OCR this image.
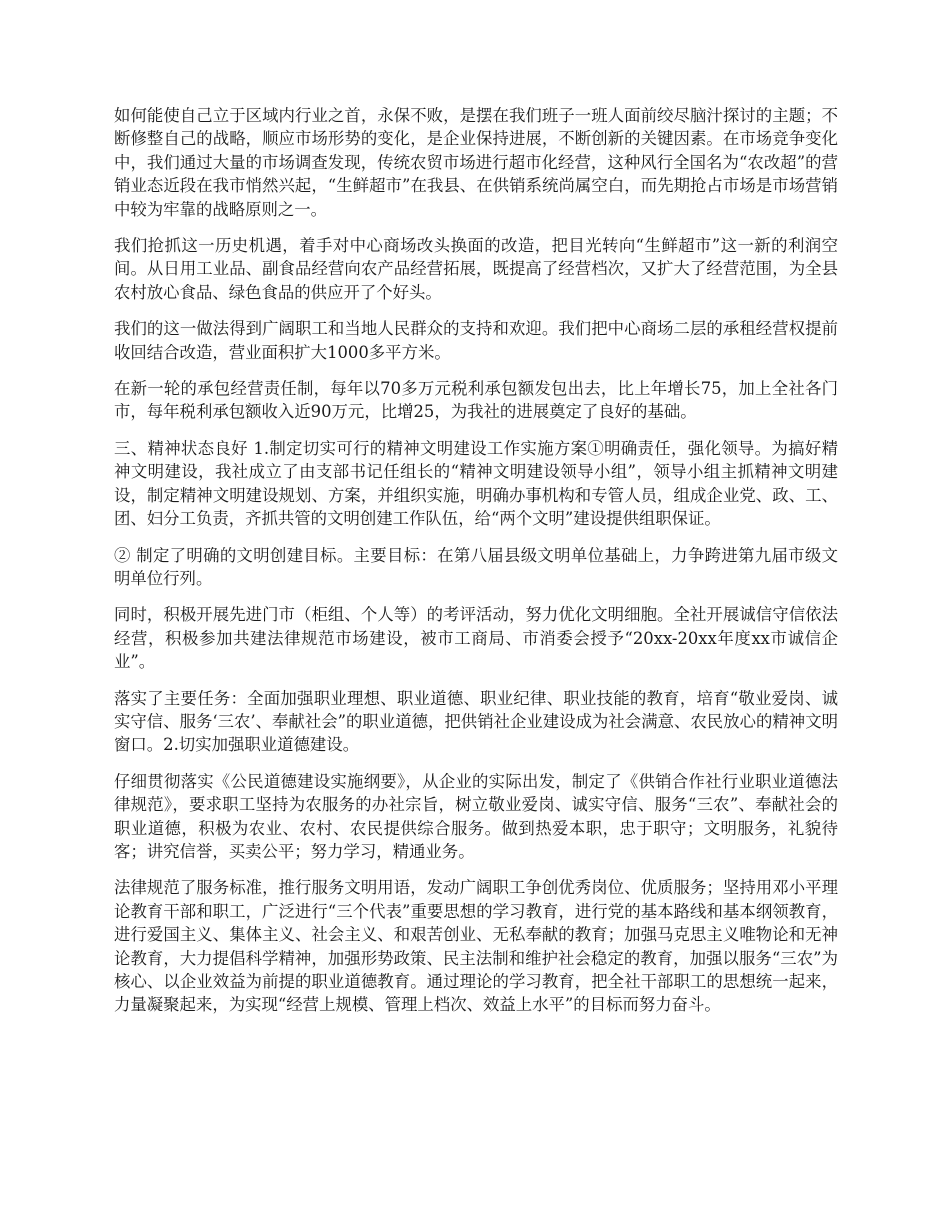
如何能使自己立于区域内行业之首，永保不败，是摆在我们班子一班人面前绞尽脑汁探讨的主题；不断修整自己的战略，顺应市场形势的变化，是企业保持进展，不断创新的关键因素。在市场竞争变化中，我们通过大量的市场调查发现，传统农贸市场进行超市化经营，这种风行全国名为“农改超”的营销业态近段在我市悄然兴起，“生鲜超市”在我县、在供销系统尚属空白，而先期抢占市场是市场营销中较为牢靠的战略原则之一。

我们抢抓这一历史机遇，着手对中心商场改头换面的改造，把目光转向“生鲜超市”这一新的利润空间。从日用工业品、副食品经营向农产品经营拓展，既提高了经营档次，又扩大了经营范围，为全县农村放心食品、绿色食品的供应开了个好头。

我们的这一做法得到广阔职工和当地人民群众的支持和欢迎。我们把中心商场二层的承租经营权提前收回结合改造，营业面积扩大1000多平方米。

在新一轮的承包经营责任制，每年以70多万元税利承包额发包出去，比上年增长75，加上全社各门市，每年税利承包额收入近90万元，比增25，为我社的进展奠定了良好的基础。

三、精神状态良好 1.制定切实可行的精神文明建设工作实施方案①明确责任，强化领导。为搞好精神文明建设，我社成立了由支部书记任组长的“精神文明建设领导小组”，领导小组主抓精神文明建设，制定精神文明建设规划、方案，并组织实施，明确办事机构和专管人员，组成企业党、政、工、团、妇分工负责，齐抓共管的文明创建工作队伍，给“两个文明”建设提供组职保证。

② 制定了明确的文明创建目标。主要目标：在第八届县级文明单位基础上，力争跨进第九届市级文明单位行列。

同时，积极开展先进门市（柜组、个人等）的考评活动，努力优化文明细胞。全社开展诚信守信依法经营，积极参加共建法律规范市场建设，被市工商局、市消委会授予“20xx-20xx年度xx市诚信企业”。

落实了主要任务：全面加强职业理想、职业道德、职业纪律、职业技能的教育，培育“敬业爱岗、诚实守信、服务‘三农’、奉献社会”的职业道德，把供销社企业建设成为社会满意、农民放心的精神文明窗口。2.切实加强职业道德建设。

仔细贯彻落实《公民道德建设实施纲要》，从企业的实际出发，制定了《供销合作社行业职业道德法律规范》，要求职工坚持为农服务的办社宗旨，树立敬业爱岗、诚实守信、服务“三农”、奉献社会的职业道德，积极为农业、农村、农民提供综合服务。做到热爱本职，忠于职守；文明服务，礼貌待客；讲究信誉，买卖公平；努力学习，精通业务。

法律规范了服务标准，推行服务文明用语，发动广阔职工争创优秀岗位、优质服务；坚持用邓小平理论教育干部和职工，广泛进行“三个代表”重要思想的学习教育，进行党的基本路线和基本纲领教育，进行爱国主义、集体主义、社会主义、和艰苦创业、无私奉献的教育；加强马克思主义唯物论和无神论教育，大力提倡科学精神，加强形势政策、民主法制和维护社会稳定的教育，加强以服务“三农”为核心、以企业效益为前提的职业道德教育。通过理论的学习教育，把全社干部职工的思想统一起来，力量凝聚起来，为实现“经营上规模、管理上档次、效益上水平”的目标而努力奋斗。
